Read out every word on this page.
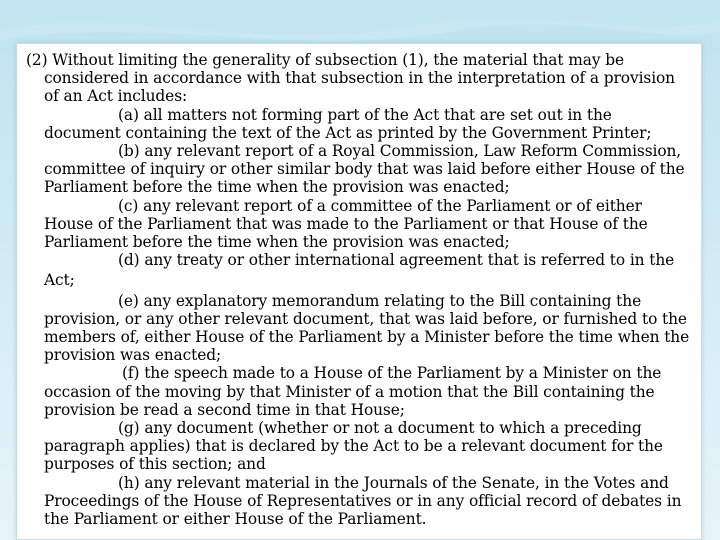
(2) Without limiting the generality of subsection (1), the material that may be
considered in accordance with that subsection in the interpretation of a provision
of an Act includes:
(a) all matters not forming part of the Act that are set out in the
document containing the text of the Act as printed by the Government Printer;
(b) any relevant report of a Royal Commission, Law Reform Commission,
committee of inquiry or other similar body that was laid before either House of the
Parliament before the time when the provision was enacted;
(c) any relevant report of a committee of the Parliament or of either
House of the Parliament that was made to the Parliament or that House of the
Parliament before the time when the provision was enacted;
(d) any treaty or other international agreement that is referred to in the
Act;
(e) any explanatory memorandum relating to the Bill containing the
provision, or any other relevant document, that was laid before, or furnished to the
members of, either House of the Parliament by a Minister before the time when the
provision was enacted;
(f) the speech made to a House of the Parliament by a Minister on the
occasion of the moving by that Minister of a motion that the Bill containing the
provision be read a second time in that House;
(g) any document (whether or not a document to which a preceding
paragraph applies) that is declared by the Act to be a relevant document for the
purposes of this section; and
(h) any relevant material in the Journals of the Senate, in the Votes and
Proceedings of the House of Representatives or in any official record of debates in
the Parliament or either House of the Parliament.
